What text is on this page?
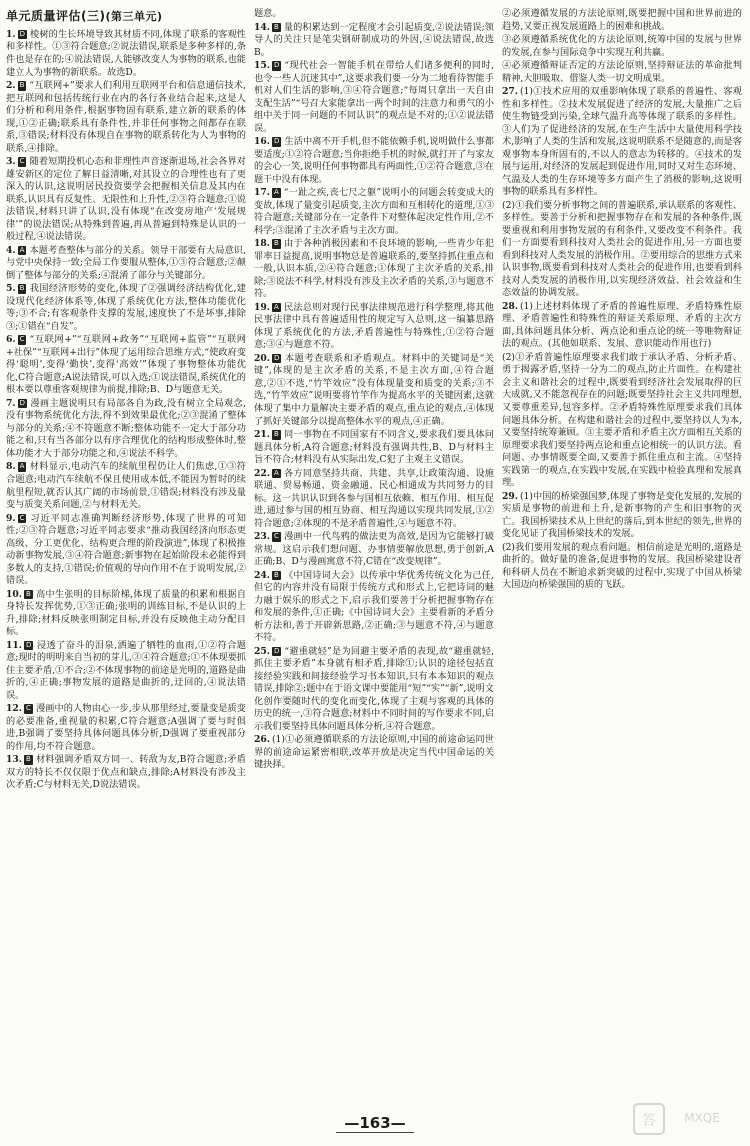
单元质量评估(三)(第三单元)
1. D 棱树的生长环境导致其材质不同,体现了联系的客观性和多样性。①③符合题意;②说法错误,联系是多种多样的,条件也是存在的;④说法错误,人能够改变人为事物的联系,也能建立人为事物的新联系。故选D。
2. B “互联网+”要求人们利用互联网平台和信息通信技术,把互联网和包括传统行业在内的各行各业结合起来,这是人们分析和利用条件,根据事物固有联系,建立新的联系的体现,①②正确;联系具有条件性,并非任何事物之间都存在联系,③错误;材料没有体现自在事物的联系转化为人为事物的联系,④排除。
3. C 随着短期投机心态和非理性声音逐渐退场,社会各界对雄安新区的定位了解日益清晰,对其设立的合理性也有了更深入的认识,这说明居民投资要学会把握相关信息及其内在联系,认识具有反复性、无限性和上升性,②③符合题意;①说法错误,材料只讲了认识,没有体现“在改变房地产‘发展规律’”的说法错误;从特殊到普遍,再从普遍到特殊是认识的一般过程,④说法错误。
4. A 本题考查整体与部分的关系。领导干部要有大局意识,与党中央保持一致;全局工作要服从整体,①③符合题意;②颠倒了整体与部分的关系;④混淆了部分与关键部分。
5. B 我国经济形势的变化,体现了②强调经济结构优化,建设现代化经济体系等,体现了系统优化方法,整体功能优化等;③不合;有客观条件支撑的发展,速度快了不是坏事,排除③;①错在“自发”。
6. C “互联网+”“互联网+政务”“互联网+监管”“互联网+社保”“互联网+出行”体现了运用综合思维方式,“使政府变得‘聪明’,变得‘勤快’,变得‘高效’”体现了事物整体功能优化,C符合题意;A说法错误,可以入选;①说法错误,系统优化的根本要以尊重客观规律为前提,排除;B、D与题意无关。
7. D 漫画主题说明只有局部各自为政,没有树立全局观念,没有事物系统优化方法,得不到效果最优化;②③混淆了整体与部分的关系;④不符题意不断;整体功能不一定大于部分功能之和,只有当各部分以有序合理优化的结构形成整体时,整体功能才大于部分功能之和,④说法不科学。
8. A 材料显示,电动汽车的续航里程仍让人们焦虑,①③符合题意;电动汽车续航不保且使用成本低,不能因为暂时的续航里程短,就否认其广阔的市场前景,①错误;材料没有涉及量变与质变关系问题,②与材料无关。
9. C 习近平同志准确判断经济形势,体现了世界的可知性;②③符合题意;习近平同志要求“推动我国经济向形态更高级、分工更优化、结构更合理的阶段演进”,体现了积极推动新事物发展,③④符合题意;新事物在起始阶段未必能得到多数人的支持,①错误;价值观的导向作用不在于说明发展,②错误。
10. B 高中生张明的目标阶梯,体现了质量的积累和根据自身特长发挥优势,①③正确;张明的训练目标,不是认识的上升,排除;材料反映张明制定目标,并没有反映他主动分配目标。
11. D 浸透了奋斗的泪泉,洒遍了牺牲的血雨,①②符合题意;现时的明明来自当初的芽儿,③④符合题意;①不体现要抓住主要矛盾,①不合;②不体现事物的前途是光明的,道路是曲折的,④正确;事物发展的道路是曲折的,迂回的,④说法错误。
12. C 漫画中的人物由心一步,步从那里经过,要量变是质变的必要准备,重视量的积累,C符合题意;A强调了要与时俱进,B强调了要坚持具体问题具体分析,D强调了要重视部分的作用,均不符合题意。
13. B 材料强调矛盾双方同一、转敌为友,B符合题意;矛盾双方的特长不仅仅限于优点和缺点,排除;A材料没有涉及主次矛盾;C与材料无关,D说法错误。
题意。
14. B 量的积累达到一定程度才会引起质变,②说法错误;领导人的关注只是笔尖钢研制成功的外因,④说法错误,故选B。
15. D “现代社会一智能手机在带给人们诸多便利的同时,也令一些人沉迷其中”,这要求我们要一分为二地看待智能手机对人们生活的影响,③④符合题意;“每周只拿出一天自由支配生活”“号召大家能拿出一两个时间的注意力和勇气的小组中关于同一问题的不同认识”的观点是不对的;①②说法错误。
16. D 生活中离不开手机,但不能依赖手机,说明做什么事都要适度;①②符合题意;当你拒绝手机的时候,就打开了与家友的会心一笑,说明任何事物都具有两面性,①②符合题意,③在题干中没有体现。
17. A “一趾之疾,丧七尺之躯”说明小的问题会转变成大的变故,体现了量变引起质变,主次方面和互相转化的道理,①③符合题意;关键部分在一定条件下对整体起决定性作用,②不科学;③混淆了主次矛盾与主次方面。
18. B 由于各种消极因素和不良环境的影响,一些青少年犯罪率日益提高,说明事物总是普遍联系的,要坚持抓住重点和一般,认识本质,②④符合题意;①体现了主次矛盾的关系,排除;③说法不科学,材料没有涉及主次矛盾的关系,③与题意不符。
19. A 民法总则对现行民事法律规范进行科学整理,将其他民事法律中具有普遍适用性的规定写入总则,这一编纂思路体现了系统优化的方法,矛盾普遍性与特殊性,①②符合题意;③④与题意不符。
20. D 本题考查联系和矛盾观点。材料中的关键词是“关键”,体现的是主次矛盾的关系,不是主次方面,④符合题意,②①不选,“竹竿效应”没有体现量变和质变的关系;③不选,“竹竿效应”说明要将竹竿作为提高水平的关键因素,这就体现了集中力量解决主要矛盾的观点,重点论的观点,④体现了抓好关键部分以提高整体水平的观点,④正确。
21. B 同一事物在不同国家有不同含义,要求我们要具体问题具体分析,A符合题意;材料没有强调共性,B、D与材料主旨不符合;材料没有从实际出发,C犯了主观主义错误。
22. A 各方同意坚持共商、共建、共享,让政策沟通、设施联通、贸易畅通、资金融通、民心相通成为共同努力的目标。这一共识认识到各参与国相互依赖、相互作用、相互促进,通过参与国的相互协商、相互沟通以实现共同发展,①②符合题意;②体现的不是矛盾普遍性,④与题意不符。
23. C 漫画中一代鸟鸦的做法更为高效,是因为它能够打破常规。这启示我们想问题、办事情要解放思想,勇于创新,A正确;B、D与漫画寓意不符,C错在“改变规律”。
24. B 《中国诗词大会》以传承中华优秀传统文化为己任,但它的内容并没有局限于传统方式和形式上,它把诗词的魅力融于娱乐的形式之下,启示我们要善于分析把握事物存在和发展的条件,①正确;《中国诗词大会》主要看新的矛盾分析方法和,善于开辟新思路,②正确;③与题意不符,④与题意不符。
25. D “避重就轻”是为回避主要矛盾的表现,故“避重就轻,抓住主要矛盾”本身就有相矛盾,排除①;认识的途径包括直接经验实践和间接经验学习书本知识,只有本本知识的观点错误,排除②;题中在于语文课中要能用“短”“实”“新”,说明文化创作要随时代的变化而变化,体现了主观与客观的具体的历史的统一,③符合题意;材料中不同时间的写作要求不同,启示我们要坚持具体问题具体分析,④符合题意。
26. (1)①必须遵循联系的方法论原则,中国的前途命运同世界的前途命运紧密相联,改革开放是决定当代中国命运的关键抉择。
②必须遵循发展的方法论原则,既要把握中国和世界前进的趋势,又要正视发展道路上的困难和挑战。
③必须遵循系统优化的方法论原则,统筹中国的发展与世界的发展,在参与国际竞争中实现互利共赢。
④必须遵循辩证否定的方法论原则,坚持辩证法的革命批判精神,大胆吸取、借鉴人类一切文明成果。
27. (1)①技术应用的双重影响体现了联系的普遍性、客观性和多样性。②技术发展促进了经济的发展,大量推广之后使生物链受到污染,全球气温升高等体现了联系的多样性。③人们为了促进经济的发展,在生产生活中大量使用科学技术,影响了人类的生活和发展,这说明联系不是随意的,而是客观事物本身所固有的,不以人的意志为转移的。④技术的发展与运用,对经济的发展起到促进作用,同时又对生态环境、气温及人类的生存环境等多方面产生了消极的影响,这说明事物的联系具有多样性。
(2)①我们要分析事物之间的普遍联系,承认联系的客观性、多样性。要善于分析和把握事物存在和发展的各种条件,既要重视和利用事物发展的有利条件,又要改变不利条件。我们一方面要看到科技对人类社会的促进作用,另一方面也要看到科技对人类发展的消极作用。②要用综合的思维方式来认识事物,既要看到科技对人类社会的促进作用,也要看到科技对人类发展的消极作用,以实现经济效益、社会效益和生态效益的协调发展。
28. (1)上述材料体现了矛盾的普遍性原理、矛盾特殊性原理、矛盾普遍性和特殊性的辩证关系原理、矛盾的主次方面,具体问题具体分析、两点论和重点论的统一等唯物辩证法的观点。(其他如联系、发展、意识能动作用也行)
(2)①矛盾普遍性原理要求我们敢于承认矛盾、分析矛盾、勇于揭露矛盾,坚持一分为二的观点,防止片面性。在构建社会主义和谐社会的过程中,既要看到经济社会发展取得的巨大成就,又不能忽视存在的问题;既要坚持社会主义共同理想,又要尊重差异,包容多样。②矛盾特殊性原理要求我们具体问题具体分析。在构建和谐社会的过程中,要坚持以人为本,又要坚持统筹兼顾。③主要矛盾和矛盾主次方面相互关系的原理要求我们要坚持两点论和重点论相统一的认识方法。看问题、办事情既要全面,又要善于抓住重点和主流。④坚持实践第一的观点,在实践中发展,在实践中检验真理和发展真理。
29. (1)中国的桥梁强国梦,体现了事物是变化发展的,发展的实质是事物的前进和上升,是新事物的产生和旧事物的灭亡。我国桥梁技术从上世纪的落后,到本世纪的领先,世界的变化见证了我国桥梁技术的发展。
(2)我们要用发展的观点看问题。相信前途是光明的,道路是曲折的。做好量的准备,促进事物的发展。我国桥梁建设者和科研人员在不断追求新突破的过程中,实现了中国从桥梁大国迈向桥梁强国的质的飞跃。
—163—	答 MXQE
